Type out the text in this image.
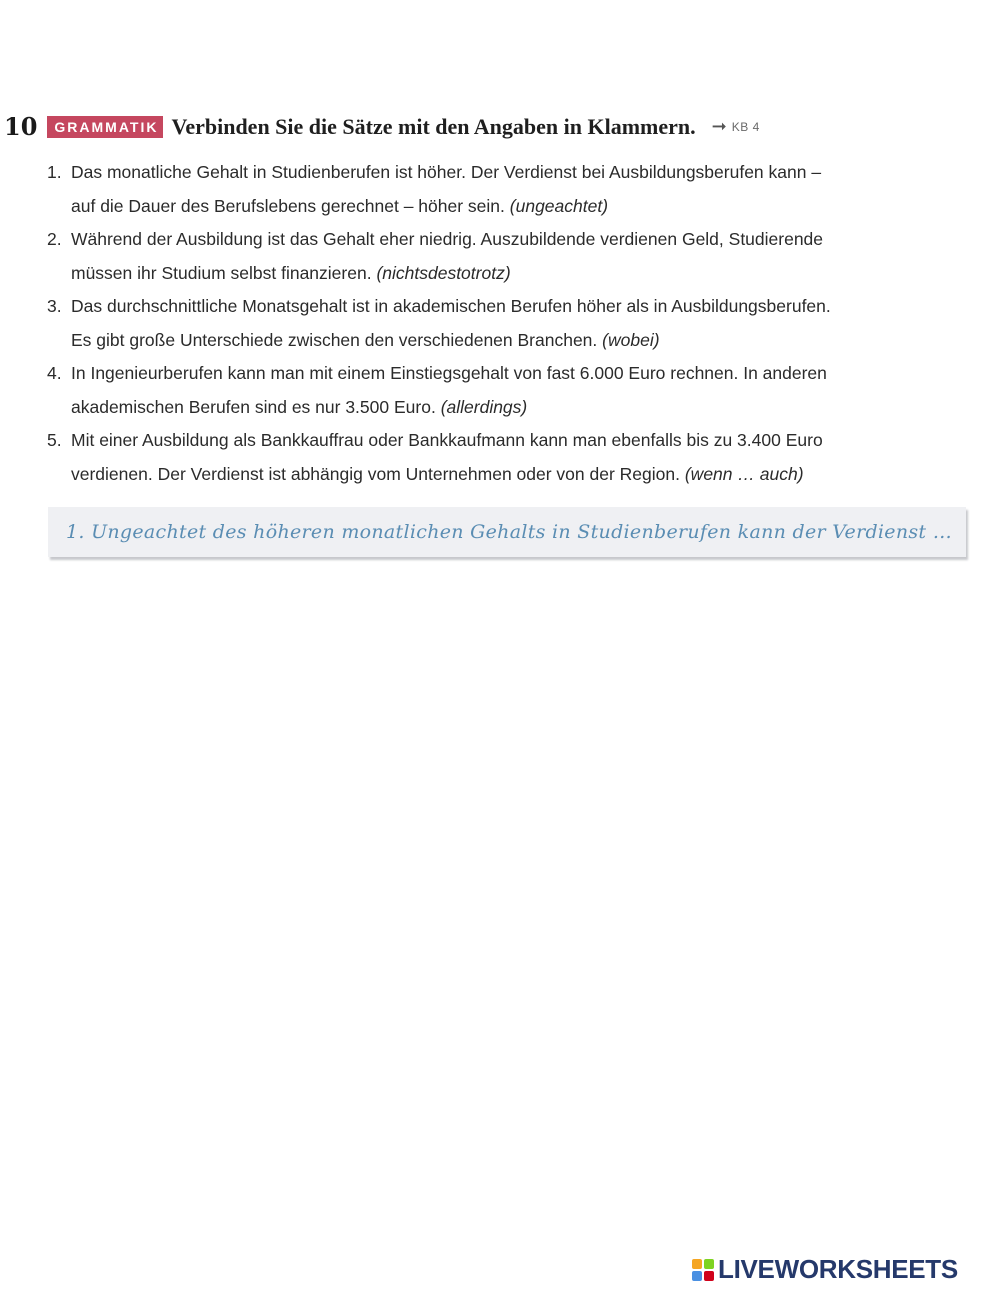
10	GRAMMATIK Verbinden Sie die Sätze mit den Angaben in Klammern. ➞ KB 4
1. Das monatliche Gehalt in Studienberufen ist höher. Der Verdienst bei Ausbildungsberufen kann –
auf die Dauer des Berufslebens gerechnet – höher sein. (ungeachtet)
2. Während der Ausbildung ist das Gehalt eher niedrig. Auszubildende verdienen Geld, Studierende
müssen ihr Studium selbst finanzieren. (nichtsdestotrotz)
3. Das durchschnittliche Monatsgehalt ist in akademischen Berufen höher als in Ausbildungsberufen.
Es gibt große Unterschiede zwischen den verschiedenen Branchen. (wobei)
4. In Ingenieurberufen kann man mit einem Einstiegsgehalt von fast 6.000 Euro rechnen. In anderen
akademischen Berufen sind es nur 3.500 Euro. (allerdings)
5. Mit einer Ausbildung als Bankkauffrau oder Bankkaufmann kann man ebenfalls bis zu 3.400 Euro
verdienen. Der Verdienst ist abhängig vom Unternehmen oder von der Region. (wenn … auch)
1. Ungeachtet des höheren monatlichen Gehalts in Studienberufen kann der Verdienst …
LIVEWORKSHEETS
